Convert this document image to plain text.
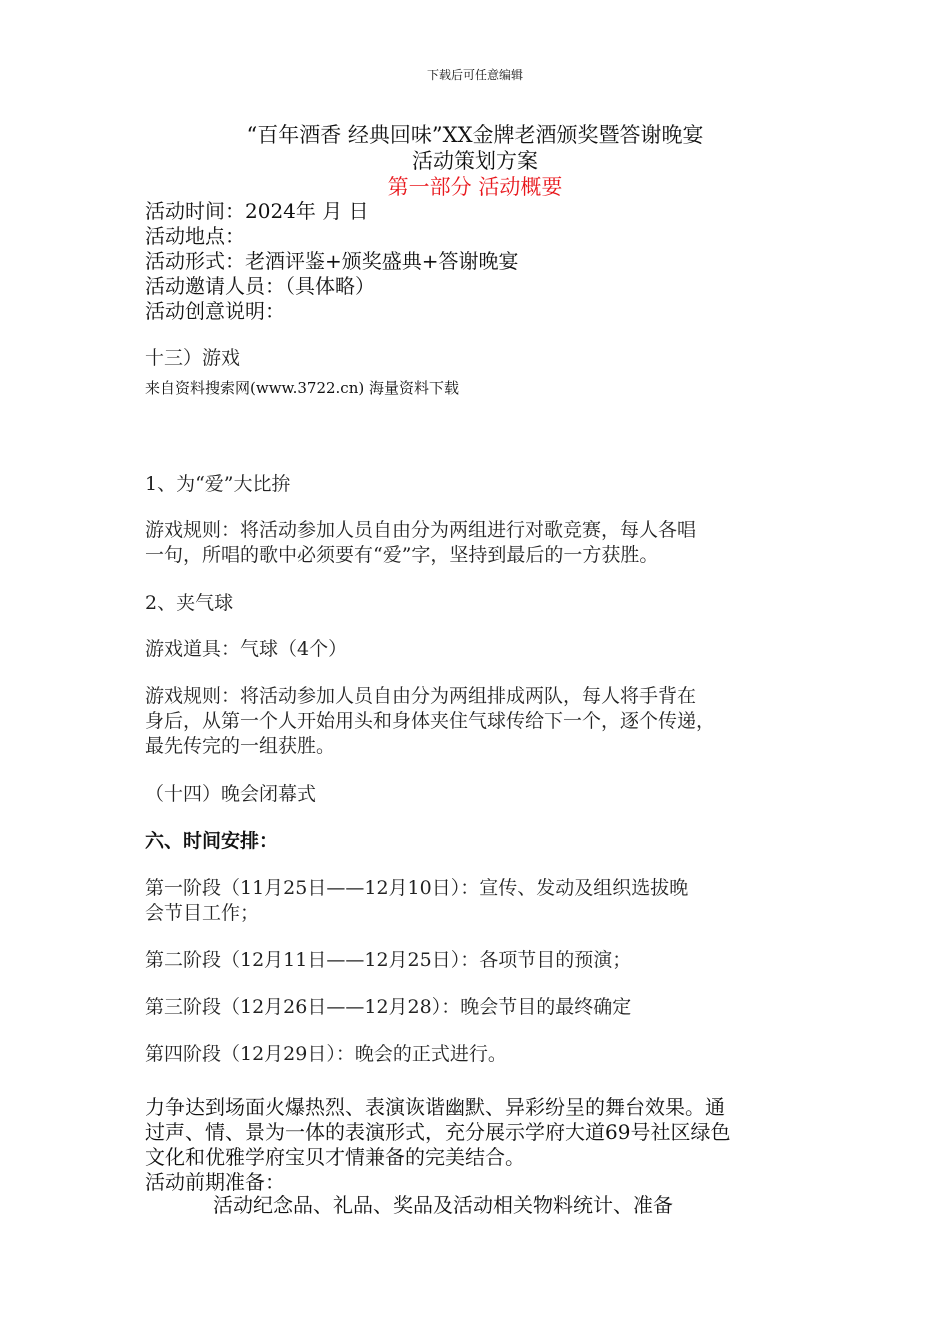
下载后可任意编辑

“百年酒香 经典回味”XX金牌老酒颁奖暨答谢晚宴

活动策划方案

第一部分 活动概要

活动时间：2024年 月 日

活动地点：

活动形式：老酒评鉴+颁奖盛典+答谢晚宴

活动邀请人员：（具体略）

活动创意说明：

十三）游戏

来自资料搜索网(www.3722.cn) 海量资料下载

1、为“爱”大比拚

游戏规则：将活动参加人员自由分为两组进行对歌竞赛，每人各唱

一句，所唱的歌中必须要有“爱”字，坚持到最后的一方获胜。

2、夹气球

游戏道具：气球（4个）

游戏规则：将活动参加人员自由分为两组排成两队，每人将手背在

身后，从第一个人开始用头和身体夹住气球传给下一个，逐个传递，

最先传完的一组获胜。

（十四）晚会闭幕式

六、时间安排：

第一阶段（11月25日——12月10日）：宣传、发动及组织选拔晚

会节目工作；

第二阶段（12月11日——12月25日）：各项节目的预演；

第三阶段（12月26日——12月28）：晚会节目的最终确定

第四阶段（12月29日）：晚会的正式进行。

力争达到场面火爆热烈、表演诙谐幽默、异彩纷呈的舞台效果。通

过声、情、景为一体的表演形式，充分展示学府大道69号社区绿色

文化和优雅学府宝贝才情兼备的完美结合。

活动前期准备：

活动纪念品、礼品、奖品及活动相关物料统计、准备
